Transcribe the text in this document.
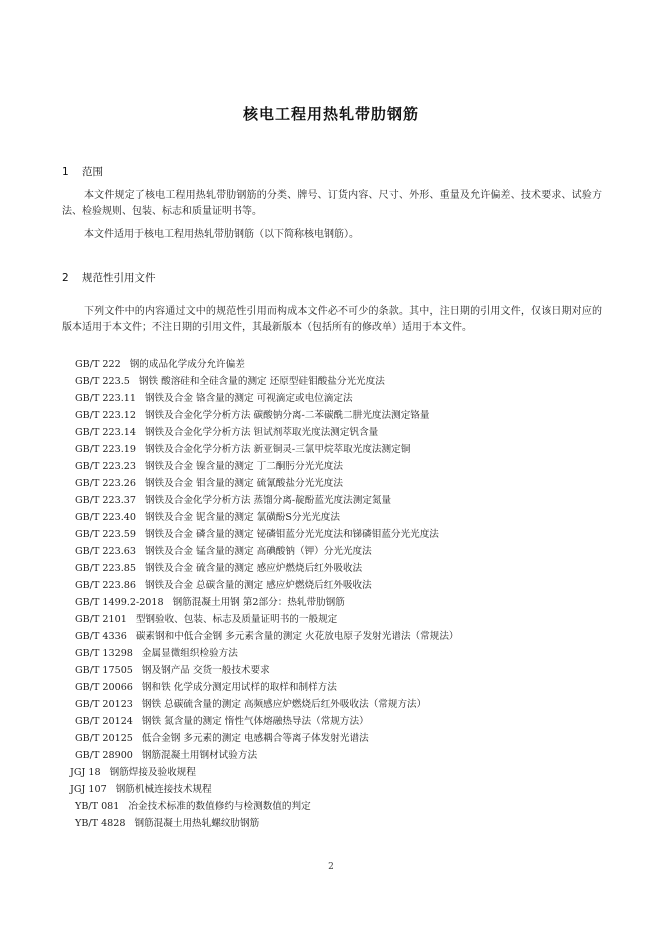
核电工程用热轧带肋钢筋
1 范围

本文件规定了核电工程用热轧带肋钢筋的分类、牌号、订货内容、尺寸、外形、重量及允许偏差、技术要求、试验方法、检验规则、包装、标志和质量证明书等。

本文件适用于核电工程用热轧带肋钢筋（以下简称核电钢筋）。

2 规范性引用文件

下列文件中的内容通过文中的规范性引用而构成本文件必不可少的条款。其中，注日期的引用文件，仅该日期对应的版本适用于本文件；不注日期的引用文件，其最新版本（包括所有的修改单）适用于本文件。

GB/T 222 钢的成品化学成分允许偏差
GB/T 223.5 钢铁 酸溶硅和全硅含量的测定 还原型硅钼酸盐分光光度法
GB/T 223.11 钢铁及合金 铬含量的测定 可视滴定或电位滴定法
GB/T 223.12 钢铁及合金化学分析方法 碳酸钠分离-二苯碳酰二肼光度法测定铬量
GB/T 223.14 钢铁及合金化学分析方法 钽试剂萃取光度法测定钒含量
GB/T 223.19 钢铁及合金化学分析方法 新亚铜灵-三氯甲烷萃取光度法测定铜
GB/T 223.23 钢铁及合金 镍含量的测定 丁二酮肟分光光度法
GB/T 223.26 钢铁及合金 钼含量的测定 硫氰酸盐分光光度法
GB/T 223.37 钢铁及合金化学分析方法 蒸馏分离-靛酚蓝光度法测定氮量
GB/T 223.40 钢铁及合金 铌含量的测定 氯磺酚S分光光度法
GB/T 223.59 钢铁及合金 磷含量的测定 铋磷钼蓝分光光度法和锑磷钼蓝分光光度法
GB/T 223.63 钢铁及合金 锰含量的测定 高碘酸钠（钾）分光光度法
GB/T 223.85 钢铁及合金 硫含量的测定 感应炉燃烧后红外吸收法
GB/T 223.86 钢铁及合金 总碳含量的测定 感应炉燃烧后红外吸收法
GB/T 1499.2-2018 钢筋混凝土用钢 第2部分：热轧带肋钢筋
GB/T 2101 型钢验收、包装、标志及质量证明书的一般规定
GB/T 4336 碳素钢和中低合金钢 多元素含量的测定 火花放电原子发射光谱法（常规法）
GB/T 13298 金属显微组织检验方法
GB/T 17505 钢及钢产品 交货一般技术要求
GB/T 20066 钢和铁 化学成分测定用试样的取样和制样方法
GB/T 20123 钢铁 总碳硫含量的测定 高频感应炉燃烧后红外吸收法（常规方法）
GB/T 20124 钢铁 氮含量的测定 惰性气体熔融热导法（常规方法）
GB/T 20125 低合金钢 多元素的测定 电感耦合等离子体发射光谱法
GB/T 28900 钢筋混凝土用钢材试验方法
JGJ 18 钢筋焊接及验收规程
JGJ 107 钢筋机械连接技术规程
YB/T 081 冶金技术标准的数值修约与检测数值的判定
YB/T 4828 钢筋混凝土用热轧螺纹肋钢筋
2
